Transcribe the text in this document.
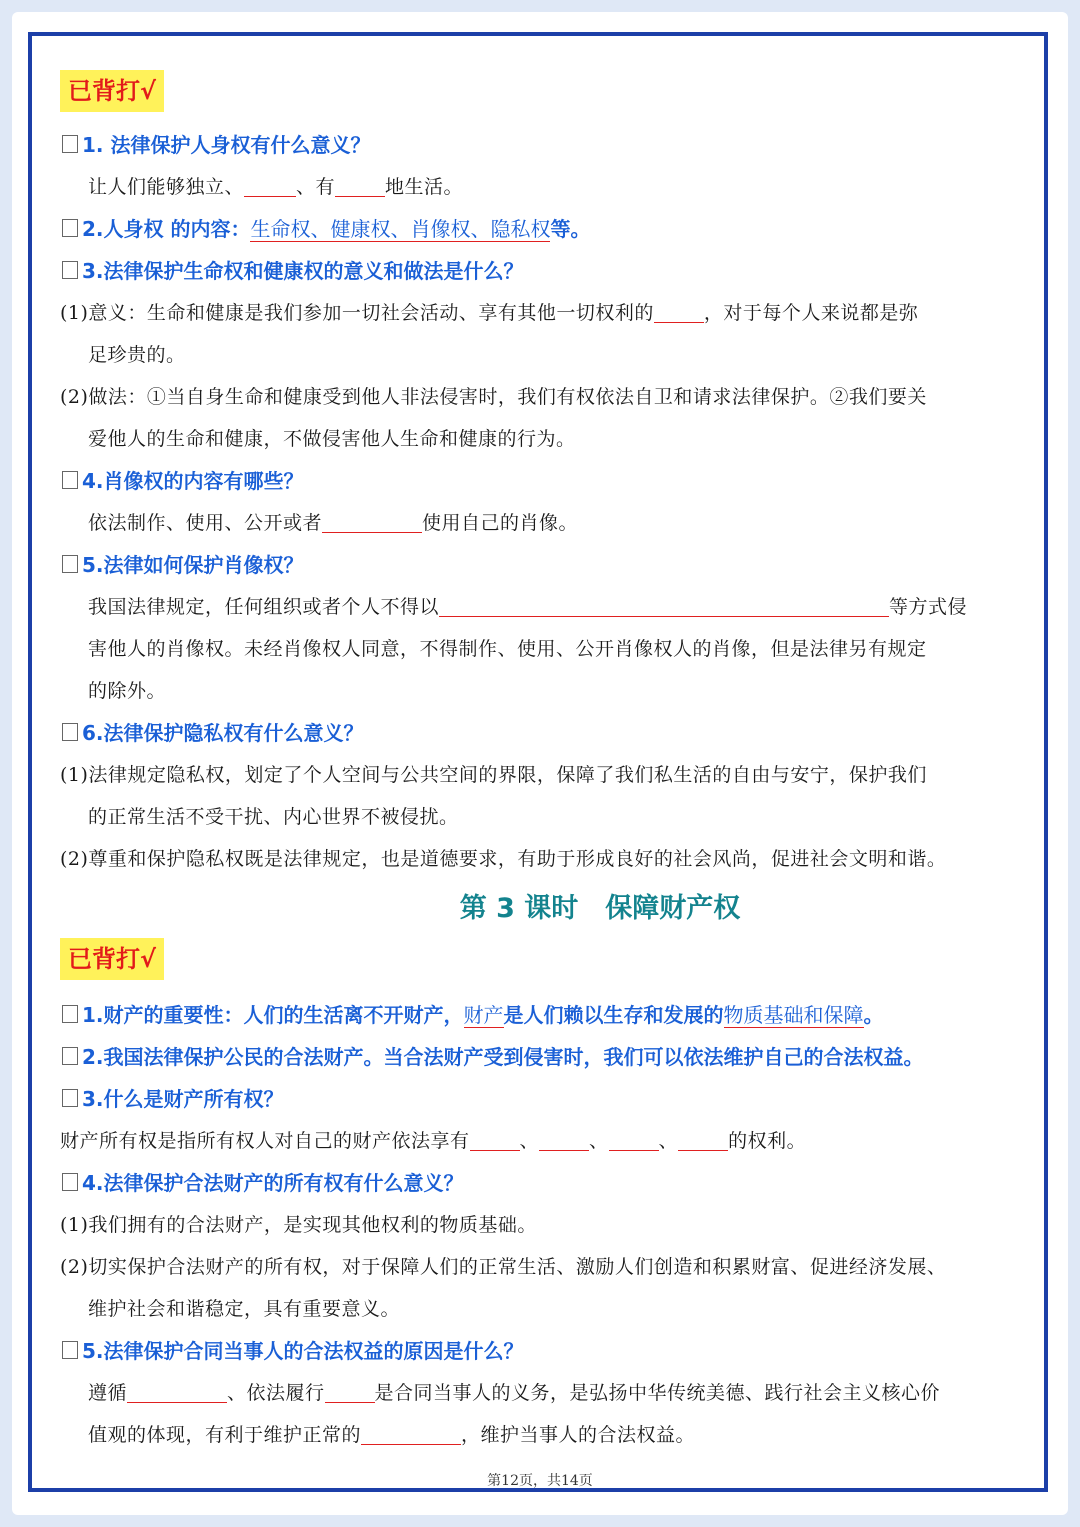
已背打√
1. 法律保护人身权有什么意义？
让人们能够独立、	、有	地生活。
2.人身权 的内容：生命权、健康权、肖像权、隐私权等。
3.法律保护生命权和健康权的意义和做法是什么？
(1)意义：生命和健康是我们参加一切社会活动、享有其他一切权利的	，对于每个人来说都是弥
足珍贵的。
(2)做法：①当自身生命和健康受到他人非法侵害时，我们有权依法自卫和请求法律保护。②我们要关
爱他人的生命和健康，不做侵害他人生命和健康的行为。
4.肖像权的内容有哪些？
依法制作、使用、公开或者	使用自己的肖像。
5.法律如何保护肖像权？
我国法律规定，任何组织或者个人不得以	等方式侵
害他人的肖像权。未经肖像权人同意，不得制作、使用、公开肖像权人的肖像，但是法律另有规定
的除外。
6.法律保护隐私权有什么意义？
(1)法律规定隐私权，划定了个人空间与公共空间的界限，保障了我们私生活的自由与安宁，保护我们
的正常生活不受干扰、内心世界不被侵扰。
(2)尊重和保护隐私权既是法律规定，也是道德要求，有助于形成良好的社会风尚，促进社会文明和谐。
第 3 课时　保障财产权
已背打√
1.财产的重要性：人们的生活离不开财产，财产是人们赖以生存和发展的物质基础和保障。
2.我国法律保护公民的合法财产。当合法财产受到侵害时，我们可以依法维护自己的合法权益。
3.什么是财产所有权？
财产所有权是指所有权人对自己的财产依法享有	、	、	、	的权利。
4.法律保护合法财产的所有权有什么意义？
(1)我们拥有的合法财产，是实现其他权利的物质基础。
(2)切实保护合法财产的所有权，对于保障人们的正常生活、激励人们创造和积累财富、促进经济发展、
维护社会和谐稳定，具有重要意义。
5.法律保护合同当事人的合法权益的原因是什么？
遵循	、依法履行	是合同当事人的义务，是弘扬中华传统美德、践行社会主义核心价
值观的体现，有利于维护正常的	，维护当事人的合法权益。
第12页，共14页
